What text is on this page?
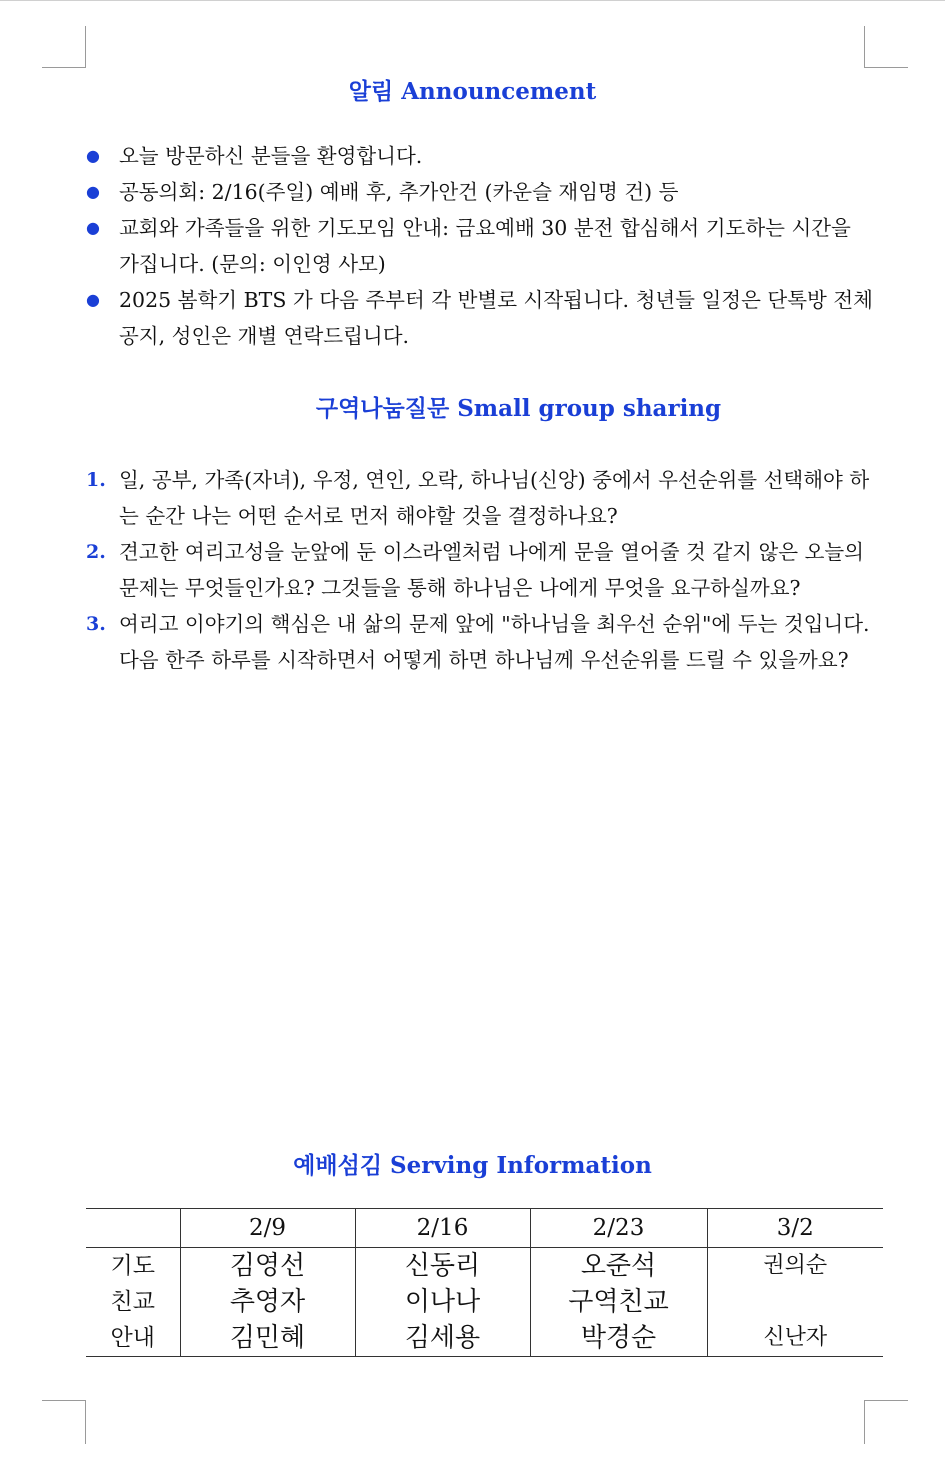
알림 Announcement
● 오늘 방문하신 분들을 환영합니다.
● 공동의회: 2/16(주일) 예배 후, 추가안건 (카운슬 재임명 건) 등
● 교회와 가족들을 위한 기도모임 안내: 금요예배 30 분전 합심해서 기도하는 시간을 가집니다. (문의: 이인영 사모)
● 2025 봄학기 BTS 가 다음 주부터 각 반별로 시작됩니다. 청년들 일정은 단톡방 전체공지, 성인은 개별 연락드립니다.
구역나눔질문 Small group sharing
1. 일, 공부, 가족(자녀), 우정, 연인, 오락, 하나님(신앙) 중에서 우선순위를 선택해야 하는 순간 나는 어떤 순서로 먼저 해야할 것을 결정하나요?
2. 견고한 여리고성을 눈앞에 둔 이스라엘처럼 나에게 문을 열어줄 것 같지 않은 오늘의 문제는 무엇들인가요? 그것들을 통해 하나님은 나에게 무엇을 요구하실까요?
3. 여리고 이야기의 핵심은 내 삶의 문제 앞에 "하나님을 최우선 순위"에 두는 것입니다. 다음 한주 하루를 시작하면서 어떻게 하면 하나님께 우선순위를 드릴 수 있을까요?
예배섬김 Serving Information
	2/9	2/16	2/23	3/2
기도	김영선	신동리	오준석	권의순
친교	추영자	이나나	구역친교	
안내	김민혜	김세용	박경순	신난자
